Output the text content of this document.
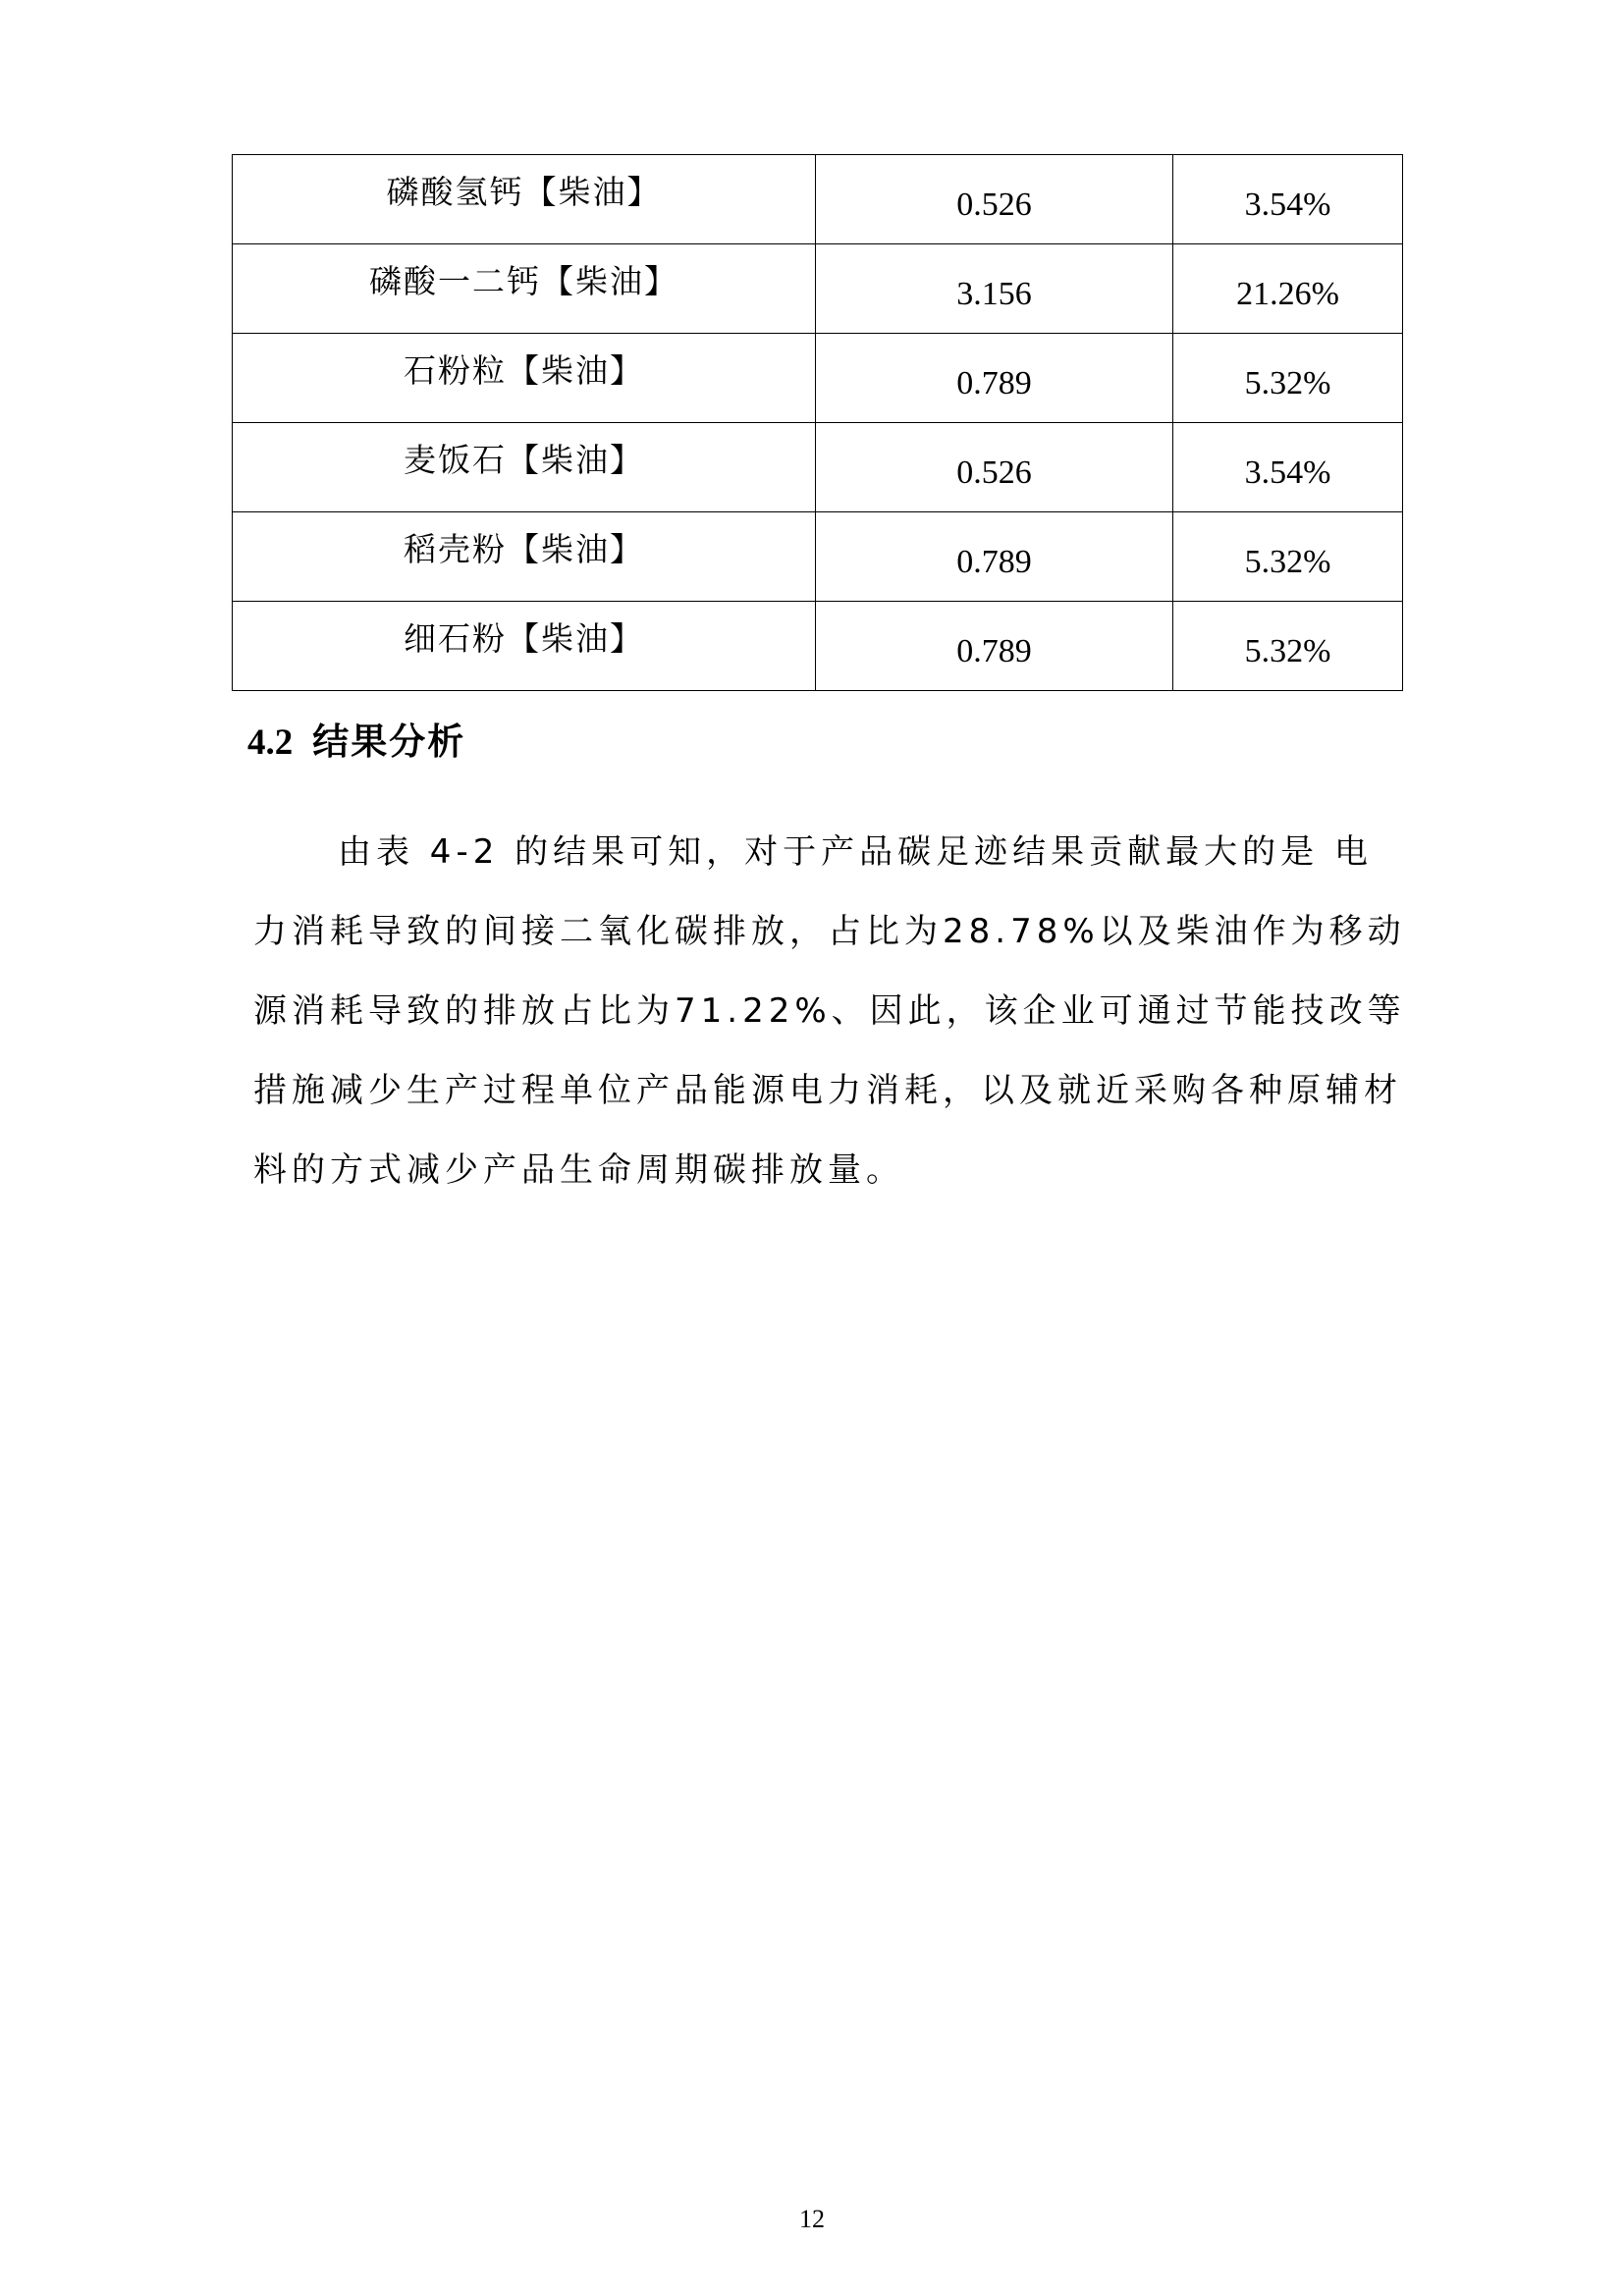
磷酸氢钙【柴油】	0.526	3.54%
磷酸一二钙【柴油】	3.156	21.26%
石粉粒【柴油】	0.789	5.32%
麦饭石【柴油】	0.526	3.54%
稻壳粉【柴油】	0.789	5.32%
细石粉【柴油】	0.789	5.32%
4.2 结果分析

由表 4-2 的结果可知，对于产品碳足迹结果贡献最大的是 电

力消耗导致的间接二氧化碳排放，占比为28.78%以及柴油作为移动

源消耗导致的排放占比为71.22%、因此，该企业可通过节能技改等

措施减少生产过程单位产品能源电力消耗，以及就近采购各种原辅材

料的方式减少产品生命周期碳排放量。

12
